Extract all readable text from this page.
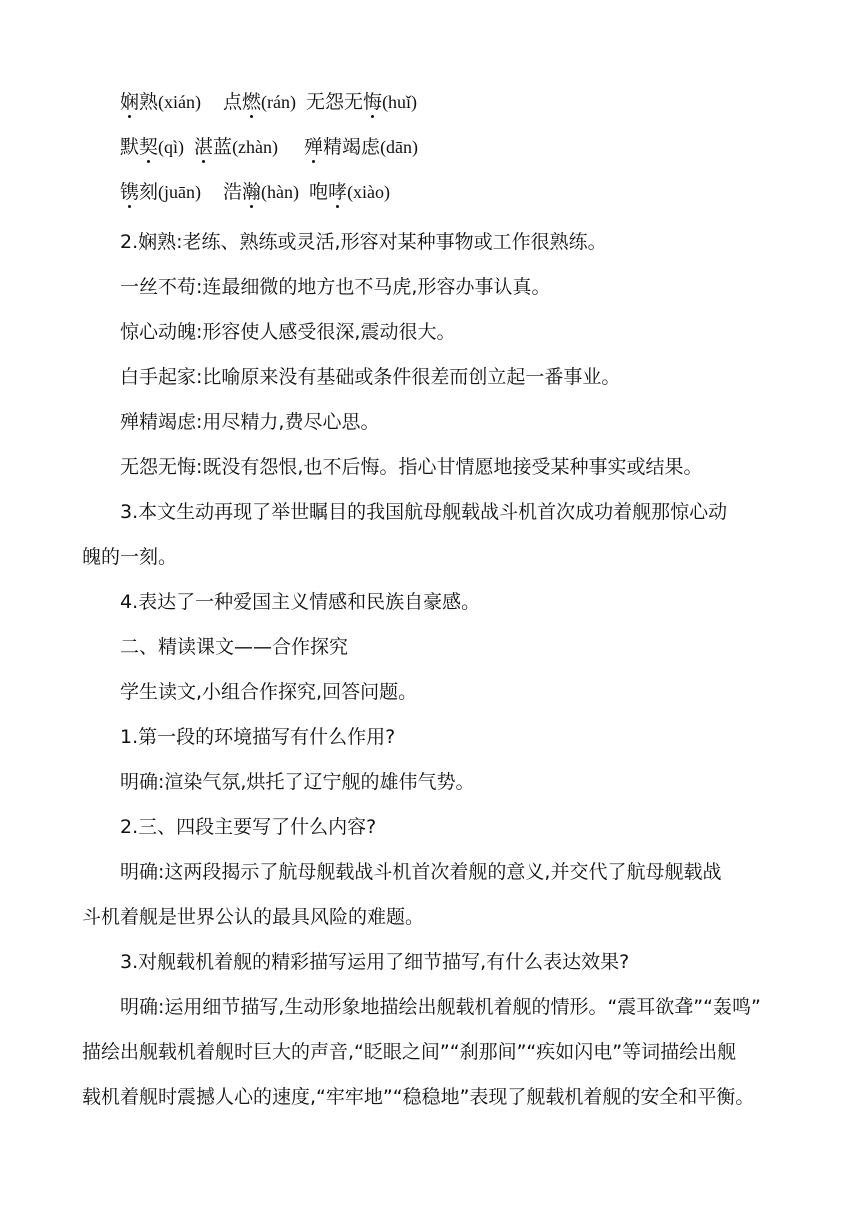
娴熟(xián) 点燃(rán) 无怨无悔(huǐ)
默契(qì) 湛蓝(zhàn) 殚精竭虑(dān)
镌刻(juān) 浩瀚(hàn) 咆哮(xiào)
2.娴熟:老练、熟练或灵活,形容对某种事物或工作很熟练。
一丝不苟:连最细微的地方也不马虎,形容办事认真。
惊心动魄:形容使人感受很深,震动很大。
白手起家:比喻原来没有基础或条件很差而创立起一番事业。
殚精竭虑:用尽精力,费尽心思。
无怨无悔:既没有怨恨,也不后悔。指心甘情愿地接受某种事实或结果。
3.本文生动再现了举世瞩目的我国航母舰载战斗机首次成功着舰那惊心动
魄的一刻。
4.表达了一种爱国主义情感和民族自豪感。
二、精读课文——合作探究
学生读文,小组合作探究,回答问题。
1.第一段的环境描写有什么作用?
明确:渲染气氛,烘托了辽宁舰的雄伟气势。
2.三、四段主要写了什么内容?
明确:这两段揭示了航母舰载战斗机首次着舰的意义,并交代了航母舰载战
斗机着舰是世界公认的最具风险的难题。
3.对舰载机着舰的精彩描写运用了细节描写,有什么表达效果?
明确:运用细节描写,生动形象地描绘出舰载机着舰的情形。“震耳欲聋”“轰鸣”
描绘出舰载机着舰时巨大的声音,“眨眼之间”“刹那间”“疾如闪电”等词描绘出舰
载机着舰时震撼人心的速度,“牢牢地”“稳稳地”表现了舰载机着舰的安全和平衡。
